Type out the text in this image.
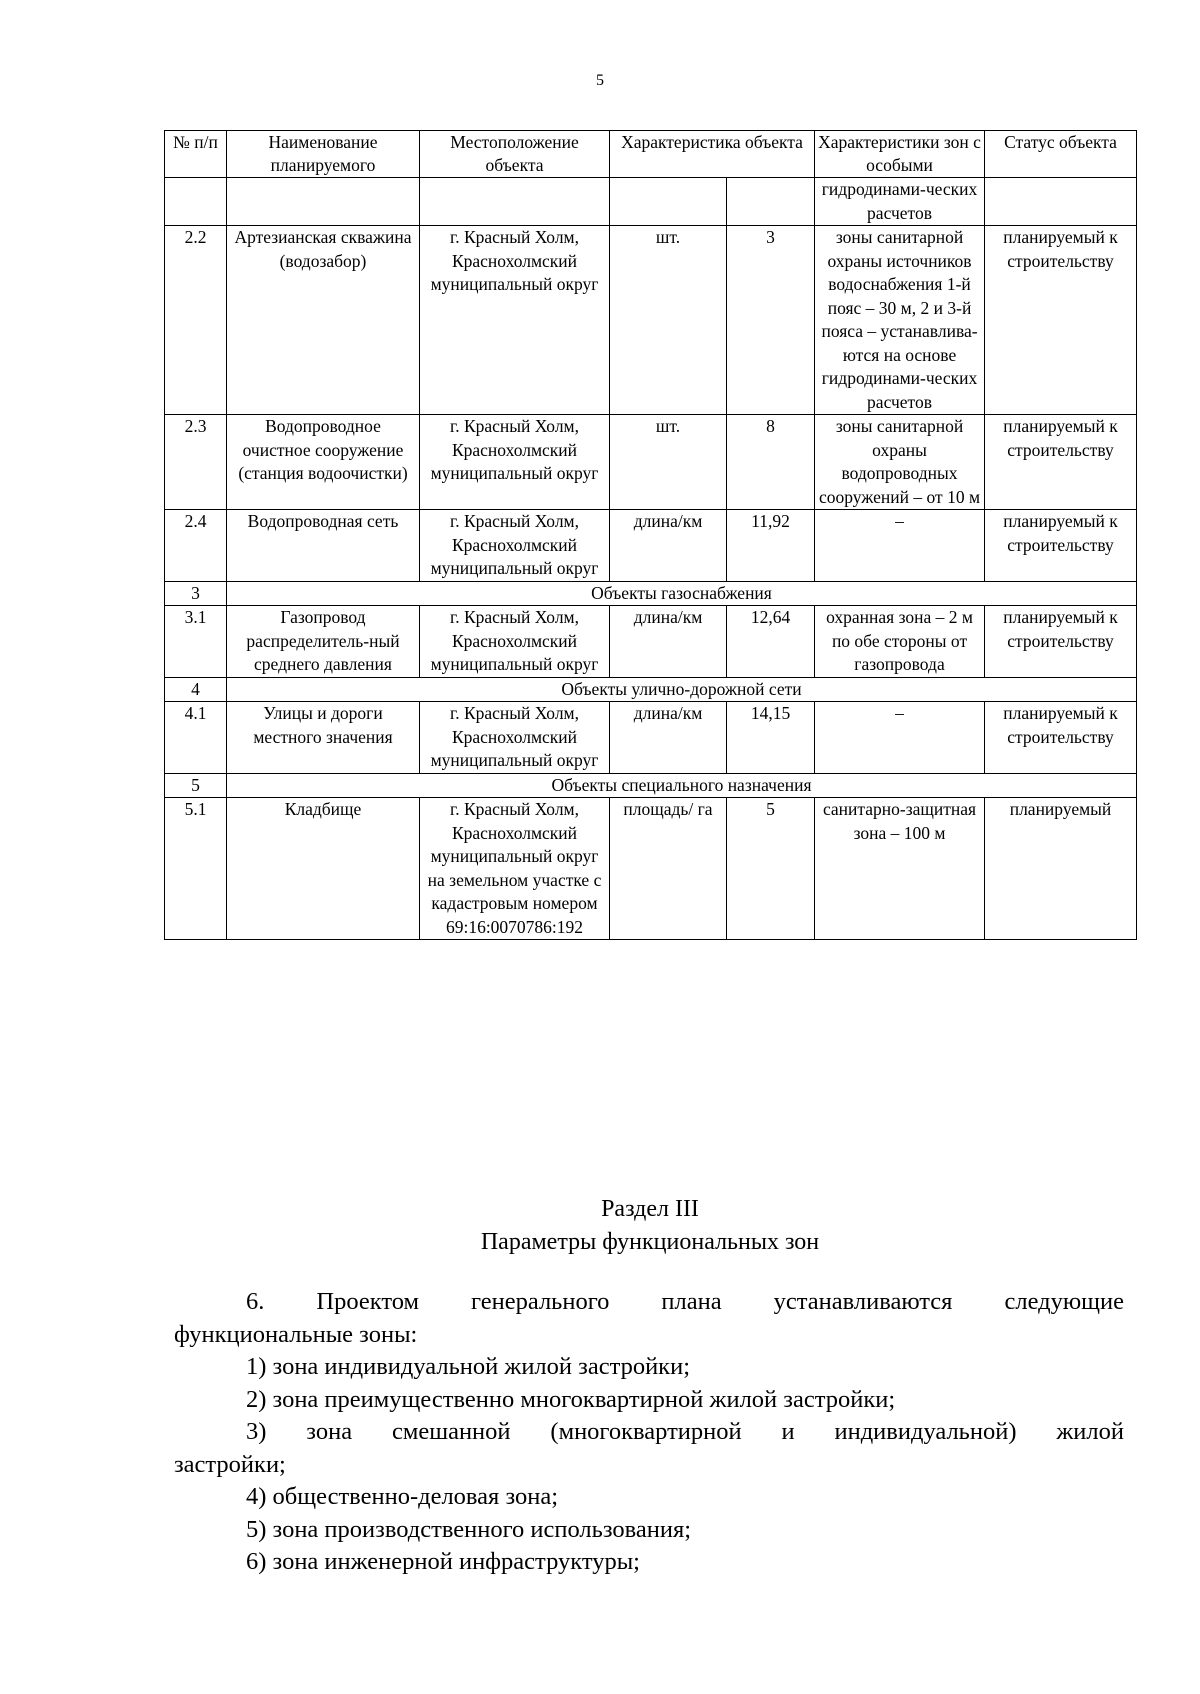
5
№ п/п	Наименование планируемого	Местоположение объекта	Характеристика объекта		Характеристики зон с особыми	Статус объекта
					гидродинами-ческих расчетов	
2.2	Артезианская скважина (водозабор)	г. Красный Холм, Краснохолмский муниципальный округ	шт.	3	зоны санитарной охраны источников водоснабжения 1-й пояс – 30 м, 2 и 3-й пояса – устанавлива-ются на основе гидродинами-ческих расчетов	планируемый к строительству
2.3	Водопроводное очистное сооружение (станция водоочистки)	г. Красный Холм, Краснохолмский муниципальный округ	шт.	8	зоны санитарной охраны водопроводных сооружений – от 10 м	планируемый к строительству
2.4	Водопроводная сеть	г. Красный Холм, Краснохолмский муниципальный округ	длина/км	11,92	–	планируемый к строительству
3	Объекты газоснабжения					
3.1	Газопровод распределитель-ный среднего давления	г. Красный Холм, Краснохолмский муниципальный округ	длина/км	12,64	охранная зона – 2 м по обе стороны от газопровода	планируемый к строительству
4	Объекты улично-дорожной сети					
4.1	Улицы и дороги местного значения	г. Красный Холм, Краснохолмский муниципальный округ	длина/км	14,15	–	планируемый к строительству
5	Объекты специального назначения					
5.1	Кладбище	г. Красный Холм, Краснохолмский муниципальный округ на земельном участке с кадастровым номером 69:16:0070786:192	площадь/ га	5	санитарно-защитная зона – 100 м	планируемый
Раздел III
Параметры функциональных зон

6. Проектом генерального плана устанавливаются следующие

функциональные зоны:

1) зона индивидуальной жилой застройки;

2) зона преимущественно многоквартирной жилой застройки;

3) зона смешанной (многоквартирной и индивидуальной) жилой

застройки;

4) общественно-деловая зона;

5) зона производственного использования;

6) зона инженерной инфраструктуры;
